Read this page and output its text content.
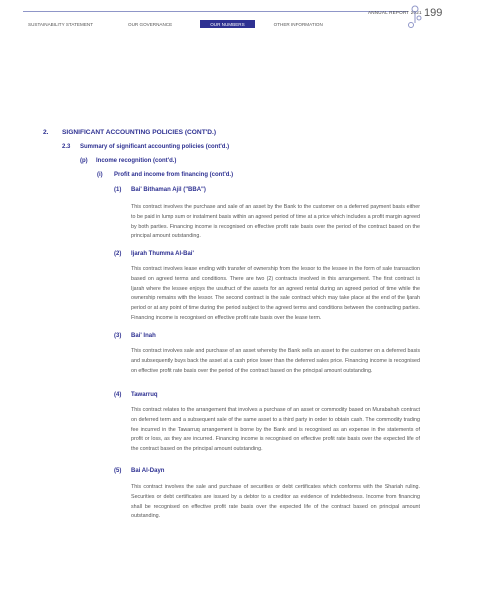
ANNUAL REPORT 2021 199
SUSTAINABILITY STATEMENT	OUR GOVERNANCE	OUR NUMBERS	OTHER INFORMATION
2. SIGNIFICANT ACCOUNTING POLICIES (CONT'D.)
2.3 Summary of significant accounting policies (cont'd.)
(p) Income recognition (cont'd.)
(i) Profit and income from financing (cont'd.)
(1) Bai' Bithaman Ajil ("BBA")

This contract involves the purchase and sale of an asset by the Bank to the customer on a deferred payment basis either to be paid in lump sum or instalment basis within an agreed period of time at a price which includes a profit margin agreed by both parties. Financing income is recognised on effective profit rate basis over the period of the contract based on the principal amount outstanding.

(2) Ijarah Thumma Al-Bai'

This contract involves lease ending with transfer of ownership from the lessor to the lessee in the form of sale transaction based on agreed terms and conditions. There are two (2) contracts involved in this arrangement. The first contract is Ijarah where the lessee enjoys the usufruct of the assets for an agreed rental during an agreed period of time while the ownership remains with the lessor. The second contract is the sale contract which may take place at the end of the Ijarah period or at any point of time during the period subject to the agreed terms and conditions between the contracting parties. Financing income is recognised on effective profit rate basis over the lease term.

(3) Bai' Inah

This contract involves sale and purchase of an asset whereby the Bank sells an asset to the customer on a deferred basis and subsequently buys back the asset at a cash price lower than the deferred sales price. Financing income is recognised on effective profit rate basis over the period of the contract based on the principal amount outstanding.

(4) Tawarruq

This contract relates to the arrangement that involves a purchase of an asset or commodity based on Murabahah contract on deferred term and a subsequent sale of the same asset to a third party in order to obtain cash. The commodity trading fee incurred in the Tawarruq arrangement is borne by the Bank and is recognised as an expense in the statements of profit or loss, as they are incurred. Financing income is recognised on effective profit rate basis over the expected life of the contract based on the principal amount outstanding.

(5) Bai Al-Dayn

This contract involves the sale and purchase of securities or debt certificates which conforms with the Shariah ruling. Securities or debt certificates are issued by a debtor to a creditor as evidence of indebtedness. Income from financing shall be recognised on effective profit rate basis over the expected life of the contract based on principal amount outstanding.
